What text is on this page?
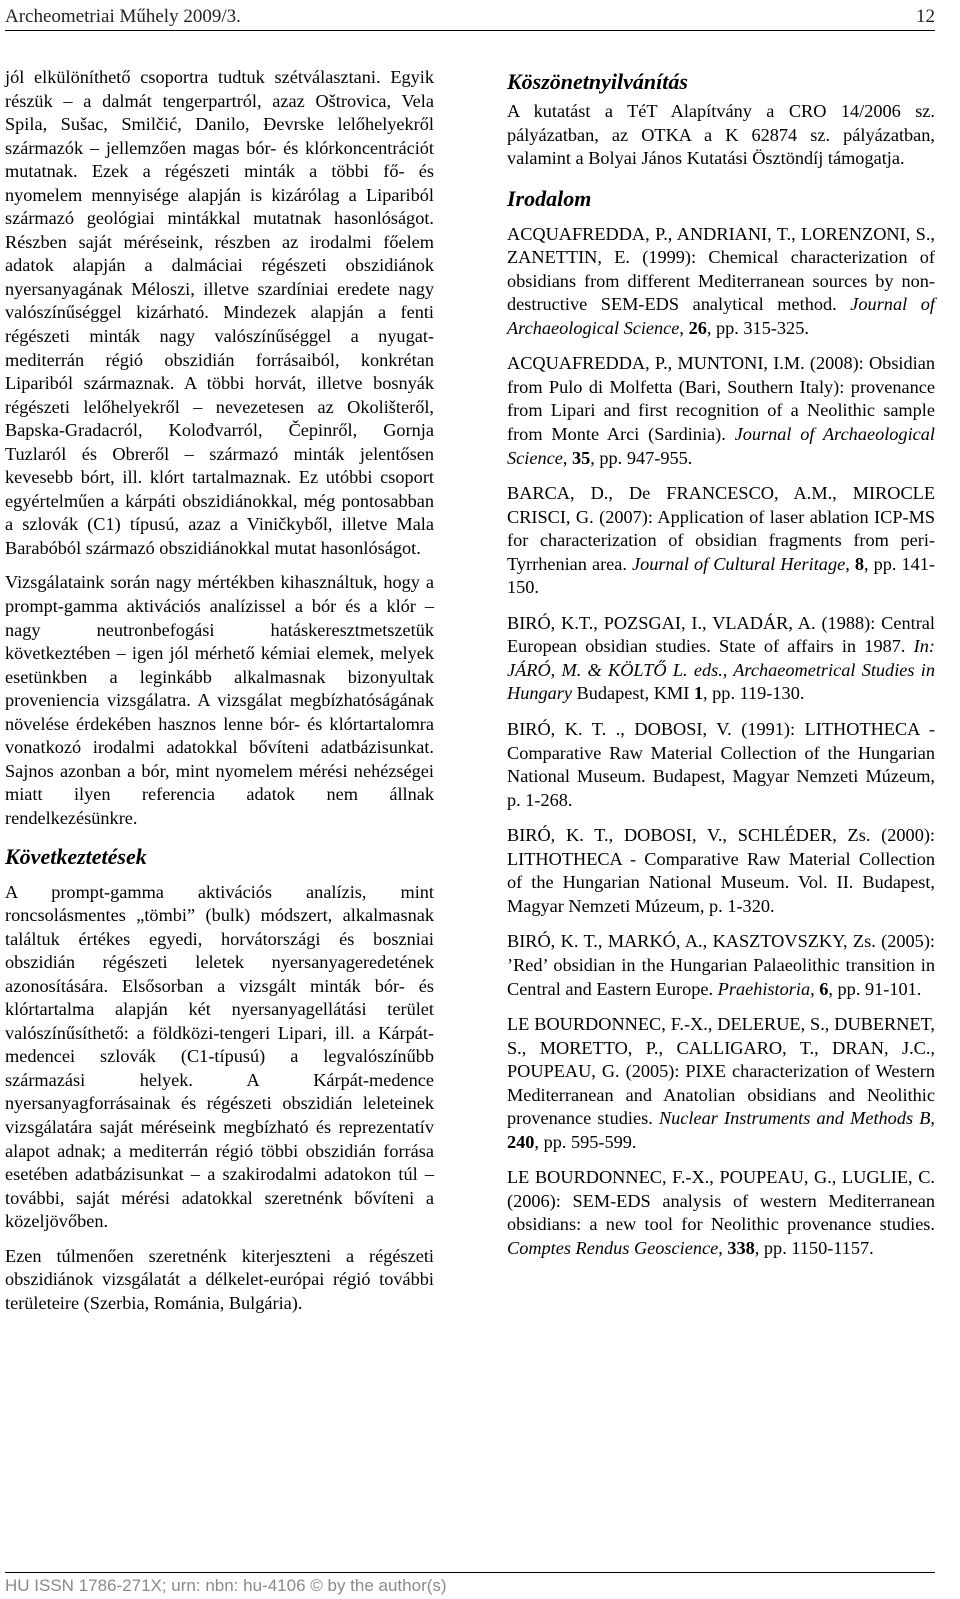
Archeometriai Műhely 2009/3.	12

jól elkülöníthető csoportra tudtuk szétválasztani. Egyik részük – a dalmát tengerpartról, azaz Oštrovica, Vela Spila, Sušac, Smilčić, Danilo, Đevrske lelőhelyekről származók – jellemzően magas bór- és klórkoncentrációt mutatnak. Ezek a régészeti minták a többi fő- és nyomelem mennyisége alapján is kizárólag a Lipariból származó geológiai mintákkal mutatnak hasonlóságot. Részben saját méréseink, részben az irodalmi főelem adatok alapján a dalmáciai régészeti obszidiánok nyersanyagának Méloszi, illetve szardíniai eredete nagy valószínűséggel kizárható. Mindezek alapján a fenti régészeti minták nagy valószínűséggel a nyugat-mediterrán régió obszidián forrásaiból, konkrétan Lipariból származnak. A többi horvát, illetve bosnyák régészeti lelőhelyekről – nevezetesen az Okolišteről, Bapska-Gradacról, Kolođvarról, Čepinről, Gornja Tuzlaról és Obreről – származó minták jelentősen kevesebb bórt, ill. klórt tartalmaznak. Ez utóbbi csoport egyértelműen a kárpáti obszidiánokkal, még pontosabban a szlovák (C1) típusú, azaz a Viničkyből, illetve Mala Barabóból származó obszidiánokkal mutat hasonlóságot.

Vizsgálataink során nagy mértékben kihasználtuk, hogy a prompt-gamma aktivációs analízissel a bór és a klór – nagy neutronbefogási hatáskeresztmetszetük következtében – igen jól mérhető kémiai elemek, melyek esetünkben a leginkább alkalmasnak bizonyultak proveniencia vizsgálatra. A vizsgálat megbízhatóságának növelése érdekében hasznos lenne bór- és klórtartalomra vonatkozó irodalmi adatokkal bővíteni adatbázisunkat. Sajnos azonban a bór, mint nyomelem mérési nehézségei miatt ilyen referencia adatok nem állnak rendelkezésünkre.

Következtetések

A prompt-gamma aktivációs analízis, mint roncsolásmentes „tömbi” (bulk) módszert, alkalmasnak találtuk értékes egyedi, horvátországi és boszniai obszidián régészeti leletek nyersanyageredetének azonosítására. Elsősorban a vizsgált minták bór- és klórtartalma alapján két nyersanyagellátási terület valószínűsíthető: a földközi-tengeri Lipari, ill. a Kárpát-medencei szlovák (C1-típusú) a legvalószínűbb származási helyek. A Kárpát-medence nyersanyagforrásainak és régészeti obszidián leleteinek vizsgálatára saját méréseink megbízható és reprezentatív alapot adnak; a mediterrán régió többi obszidián forrása esetében adatbázisunkat – a szakirodalmi adatokon túl – további, saját mérési adatokkal szeretnénk bővíteni a közeljövőben.

Ezen túlmenően szeretnénk kiterjeszteni a régészeti obszidiánok vizsgálatát a délkelet-európai régió további területeire (Szerbia, Románia, Bulgária).

Köszönetnyilvánítás

A kutatást a TéT Alapítvány a CRO 14/2006 sz. pályázatban, az OTKA a K 62874 sz. pályázatban, valamint a Bolyai János Kutatási Ösztöndíj támogatja.

Irodalom
ACQUAFREDDA, P., ANDRIANI, T., LORENZONI, S., ZANETTIN, E. (1999): Chemical characterization of obsidians from different Mediterranean sources by non-destructive SEM-EDS analytical method. Journal of Archaeological Science, 26, pp. 315-325.
ACQUAFREDDA, P., MUNTONI, I.M. (2008): Obsidian from Pulo di Molfetta (Bari, Southern Italy): provenance from Lipari and first recognition of a Neolithic sample from Monte Arci (Sardinia). Journal of Archaeological Science, 35, pp. 947-955.
BARCA, D., De FRANCESCO, A.M., MIROCLE CRISCI, G. (2007): Application of laser ablation ICP-MS for characterization of obsidian fragments from peri-Tyrrhenian area. Journal of Cultural Heritage, 8, pp. 141-150.
BIRÓ, K.T., POZSGAI, I., VLADÁR, A. (1988): Central European obsidian studies. State of affairs in 1987. In: JÁRÓ, M. & KÖLTŐ L. eds., Archaeometrical Studies in Hungary Budapest, KMI 1, pp. 119-130.
BIRÓ, K. T. ., DOBOSI, V. (1991): LITHOTHECA - Comparative Raw Material Collection of the Hungarian National Museum. Budapest, Magyar Nemzeti Múzeum, p. 1-268.
BIRÓ, K. T., DOBOSI, V., SCHLÉDER, Zs. (2000): LITHOTHECA - Comparative Raw Material Collection of the Hungarian National Museum. Vol. II. Budapest, Magyar Nemzeti Múzeum, p. 1-320.
BIRÓ, K. T., MARKÓ, A., KASZTOVSZKY, Zs. (2005): ’Red’ obsidian in the Hungarian Palaeolithic transition in Central and Eastern Europe. Praehistoria, 6, pp. 91-101.
LE BOURDONNEC, F.-X., DELERUE, S., DUBERNET, S., MORETTO, P., CALLIGARO, T., DRAN, J.C., POUPEAU, G. (2005): PIXE characterization of Western Mediterranean and Anatolian obsidians and Neolithic provenance studies. Nuclear Instruments and Methods B, 240, pp. 595-599.
LE BOURDONNEC, F.-X., POUPEAU, G., LUGLIE, C. (2006): SEM-EDS analysis of western Mediterranean obsidians: a new tool for Neolithic provenance studies. Comptes Rendus Geoscience, 338, pp. 1150-1157.
HU ISSN 1786-271X; urn: nbn: hu-4106 © by the author(s)
